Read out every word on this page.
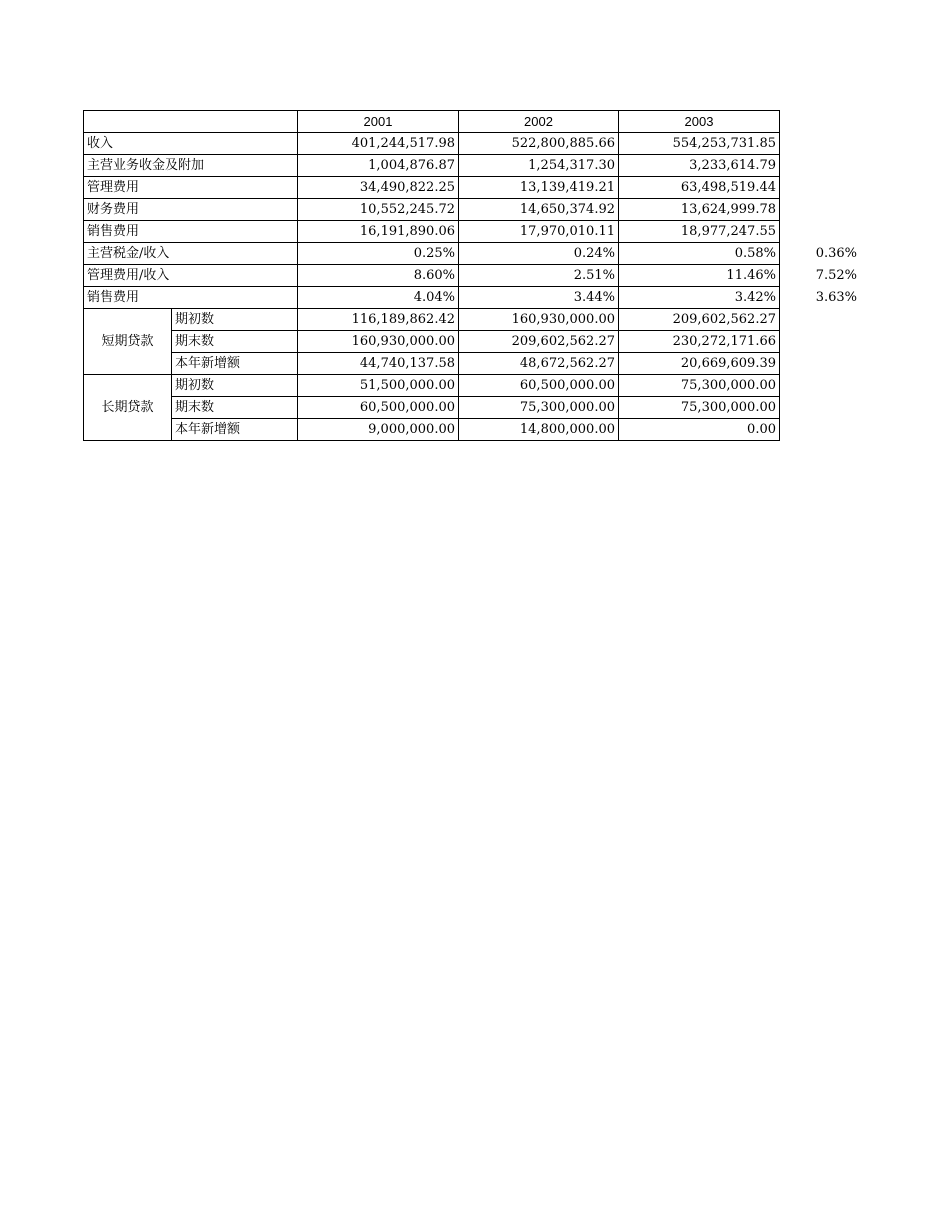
		2001	2002	2003	
收入		401,244,517.98	522,800,885.66	554,253,731.85	
主营业务收金及附加		1,004,876.87	1,254,317.30	3,233,614.79	
管理费用		34,490,822.25	13,139,419.21	63,498,519.44	
财务费用		10,552,245.72	14,650,374.92	13,624,999.78	
销售费用		16,191,890.06	17,970,010.11	18,977,247.55	
主营税金/收入		0.25%	0.24%	0.58%	0.36%
管理费用/收入		8.60%	2.51%	11.46%	7.52%
销售费用		4.04%	3.44%	3.42%	3.63%
短期贷款	期初数	116,189,862.42	160,930,000.00	209,602,562.27	
	期末数	160,930,000.00	209,602,562.27	230,272,171.66	
	本年新增额	44,740,137.58	48,672,562.27	20,669,609.39	
长期贷款	期初数	51,500,000.00	60,500,000.00	75,300,000.00	
	期末数	60,500,000.00	75,300,000.00	75,300,000.00	
	本年新增额	9,000,000.00	14,800,000.00	0.00	
